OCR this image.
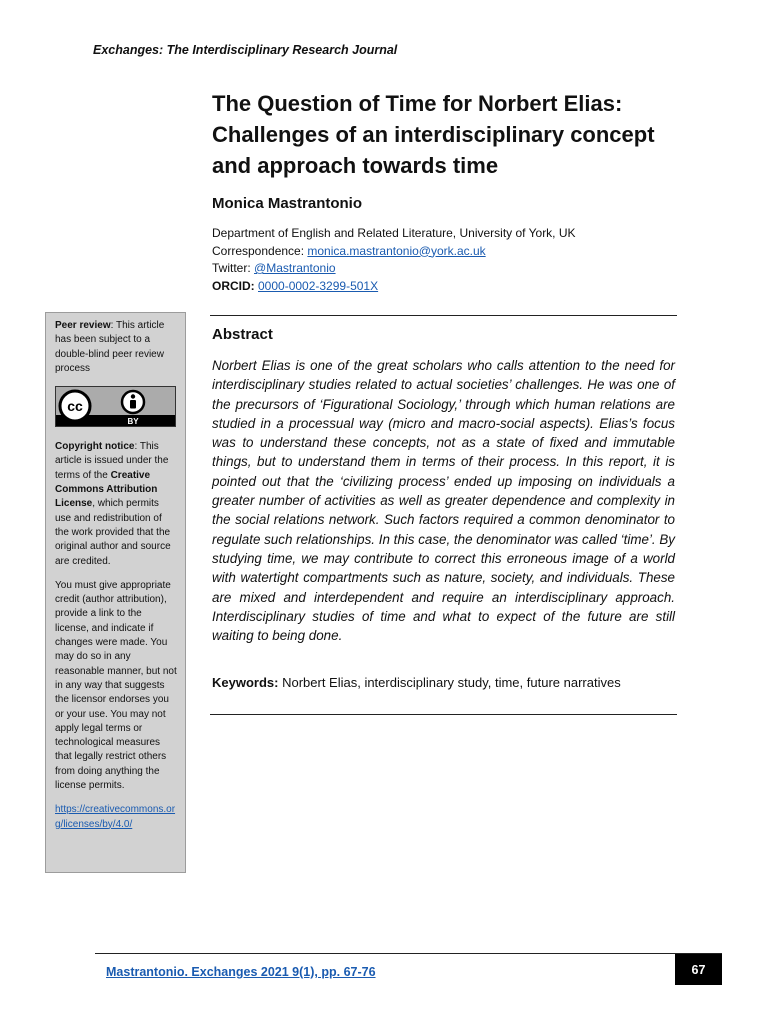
Exchanges: The Interdisciplinary Research Journal
The Question of Time for Norbert Elias:
Challenges of an interdisciplinary concept
and approach towards time
Monica Mastrantonio
Department of English and Related Literature, University of York, UK
Correspondence: monica.mastrantonio@york.ac.uk
Twitter: @Mastrantonio
ORCID: 0000-0002-3299-501X
Abstract
Norbert Elias is one of the great scholars who calls attention to the need for interdisciplinary studies related to actual societies’ challenges. He was one of the precursors of ‘Figurational Sociology,’ through which human relations are studied in a processual way (micro and macro-social aspects). Elias’s focus was to understand these concepts, not as a state of fixed and immutable things, but to understand them in terms of their process. In this report, it is pointed out that the ‘civilizing process’ ended up imposing on individuals a greater number of activities as well as greater dependence and complexity in the social relations network. Such factors required a common denominator to regulate such relationships. In this case, the denominator was called ‘time’. By studying time, we may contribute to correct this erroneous image of a world with watertight compartments such as nature, society, and individuals. These are mixed and interdependent and require an interdisciplinary approach. Interdisciplinary studies of time and what to expect of the future are still waiting to being done.
Keywords: Norbert Elias, interdisciplinary study, time, future narratives

Peer review: This article has been subject to a double-blind peer review process

cc
BY

Copyright notice: This article is issued under the terms of the Creative Commons Attribution License, which permits use and redistribution of the work provided that the original author and source are credited.

You must give appropriate credit (author attribution), provide a link to the license, and indicate if changes were made. You may do so in any reasonable manner, but not in any way that suggests the licensor endorses you or your use. You may not apply legal terms or technological measures that legally restrict others from doing anything the license permits.

https://creativecommons.org/licenses/by/4.0/

Mastrantonio. Exchanges 2021 9(1), pp. 67-76	67
